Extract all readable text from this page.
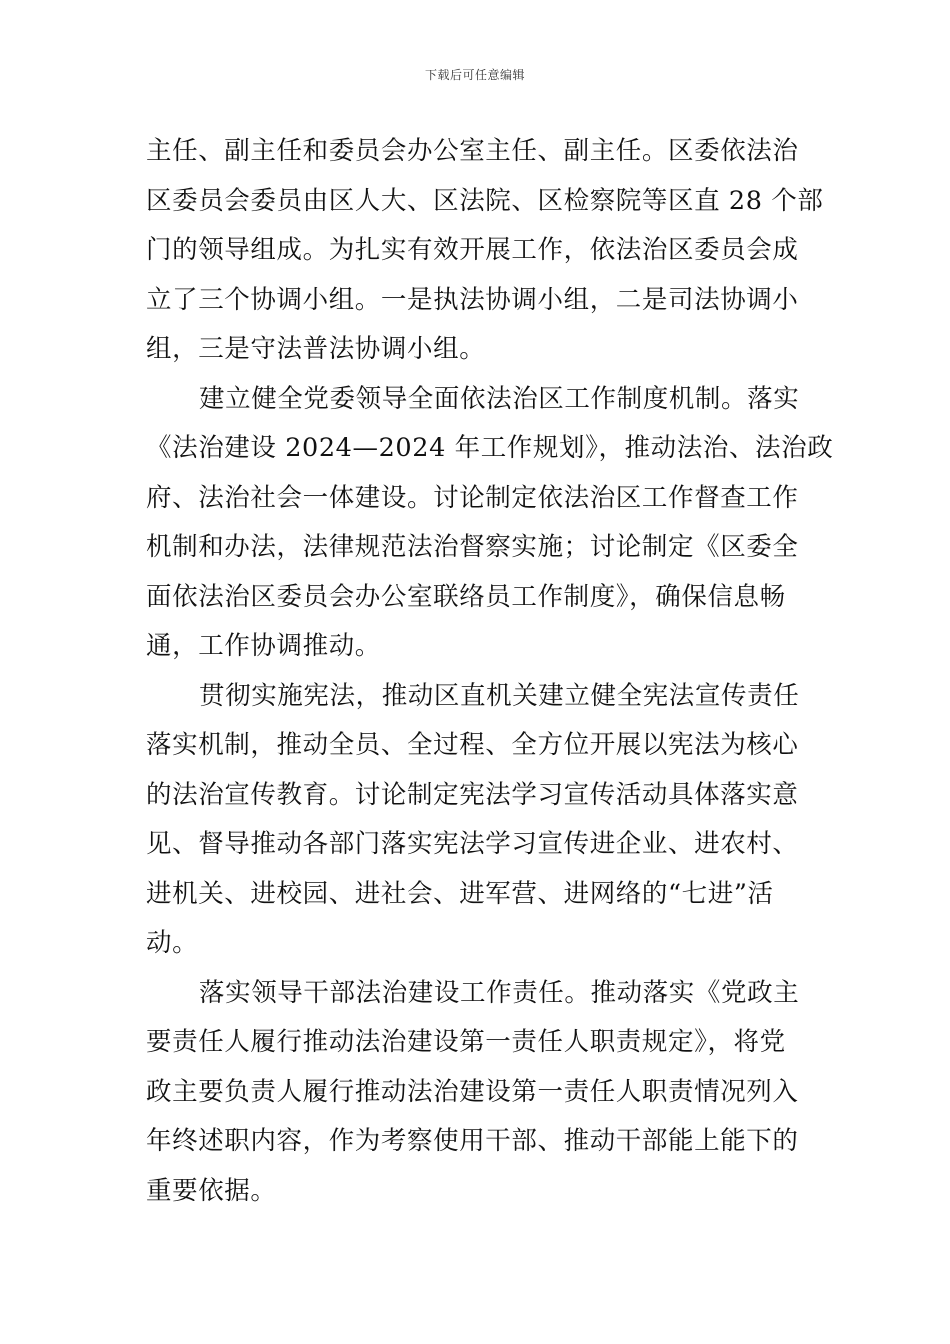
下载后可任意编辑
主任、副主任和委员会办公室主任、副主任。区委依法治
区委员会委员由区人大、区法院、区检察院等区直 28 个部
门的领导组成。为扎实有效开展工作，依法治区委员会成
立了三个协调小组。一是执法协调小组，二是司法协调小
组，三是守法普法协调小组。
建立健全党委领导全面依法治区工作制度机制。落实
《法治建设 2024—2024 年工作规划》，推动法治、法治政
府、法治社会一体建设。讨论制定依法治区工作督查工作
机制和办法，法律规范法治督察实施；讨论制定《区委全
面依法治区委员会办公室联络员工作制度》，确保信息畅
通，工作协调推动。
贯彻实施宪法，推动区直机关建立健全宪法宣传责任
落实机制，推动全员、全过程、全方位开展以宪法为核心
的法治宣传教育。讨论制定宪法学习宣传活动具体落实意
见、督导推动各部门落实宪法学习宣传进企业、进农村、
进机关、进校园、进社会、进军营、进网络的“七进”活
动。
落实领导干部法治建设工作责任。推动落实《党政主
要责任人履行推动法治建设第一责任人职责规定》，将党
政主要负责人履行推动法治建设第一责任人职责情况列入
年终述职内容，作为考察使用干部、推动干部能上能下的
重要依据。
